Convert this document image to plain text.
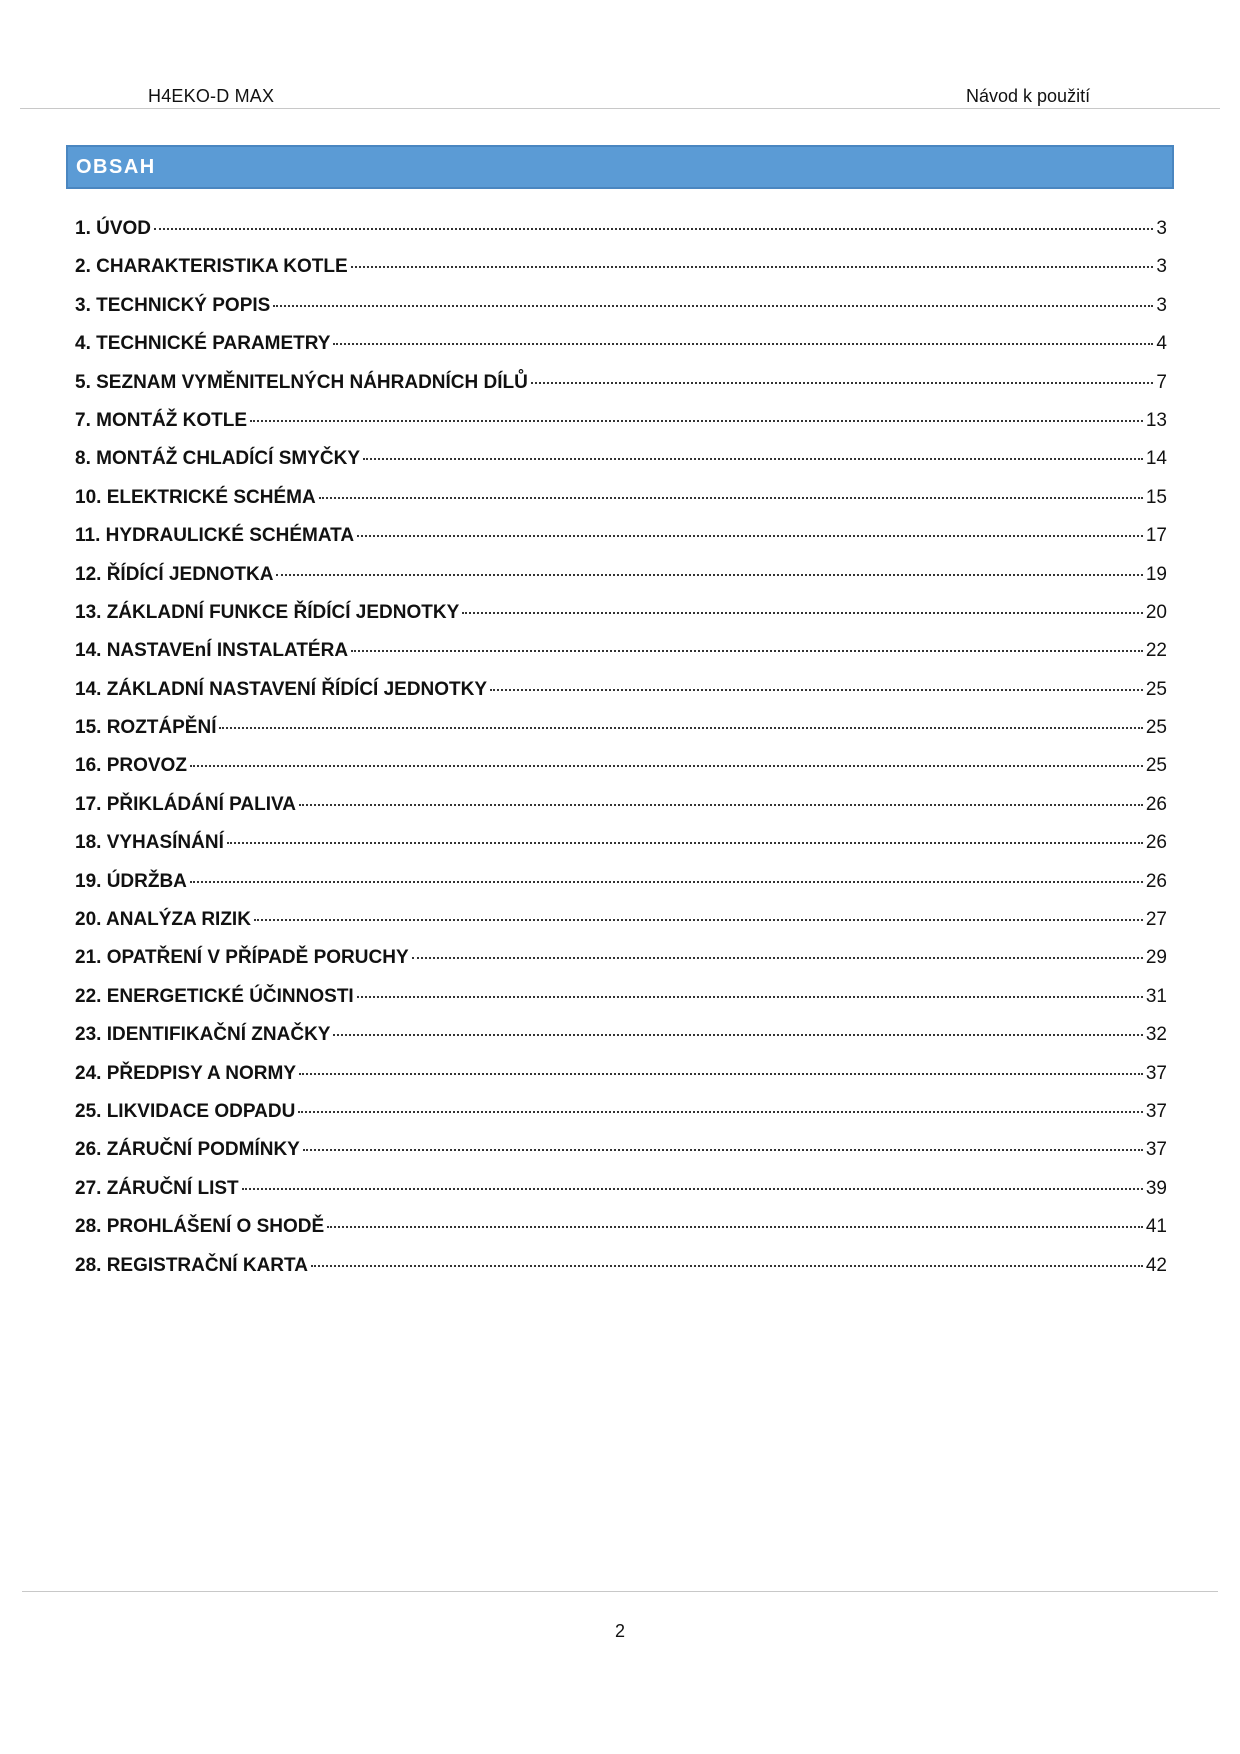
H4EKO-D MAX	Návod k použití
OBSAH
1. ÚVOD	3
2. CHARAKTERISTIKA KOTLE	3
3. TECHNICKÝ POPIS	3
4. TECHNICKÉ PARAMETRY	4
5. SEZNAM VYMĚNITELNÝCH NÁHRADNÍCH DÍLŮ	7
7. MONTÁŽ KOTLE	13
8. MONTÁŽ CHLADÍCÍ SMYČKY	14
10. ELEKTRICKÉ SCHÉMA	15
11. HYDRAULICKÉ SCHÉMATA	17
12. ŘÍDÍCÍ JEDNOTKA	19
13. ZÁKLADNÍ FUNKCE ŘÍDÍCÍ JEDNOTKY	20
14. NASTAVEnÍ INSTALATÉRA	22
14. ZÁKLADNÍ NASTAVENÍ ŘÍDÍCÍ JEDNOTKY	25
15. ROZTÁPĚNÍ	25
16. PROVOZ	25
17. PŘIKLÁDÁNÍ PALIVA	26
18. VYHASÍNÁNÍ	26
19. ÚDRŽBA	26
20. ANALÝZA RIZIK	27
21. OPATŘENÍ V PŘÍPADĚ PORUCHY	29
22. ENERGETICKÉ ÚČINNOSTI	31
23. IDENTIFIKAČNÍ ZNAČKY	32
24. PŘEDPISY A NORMY	37
25. LIKVIDACE ODPADU	37
26. ZÁRUČNÍ PODMÍNKY	37
27. ZÁRUČNÍ LIST	39
28. PROHLÁŠENÍ O SHODĚ	41
28. REGISTRAČNÍ KARTA	42
2
